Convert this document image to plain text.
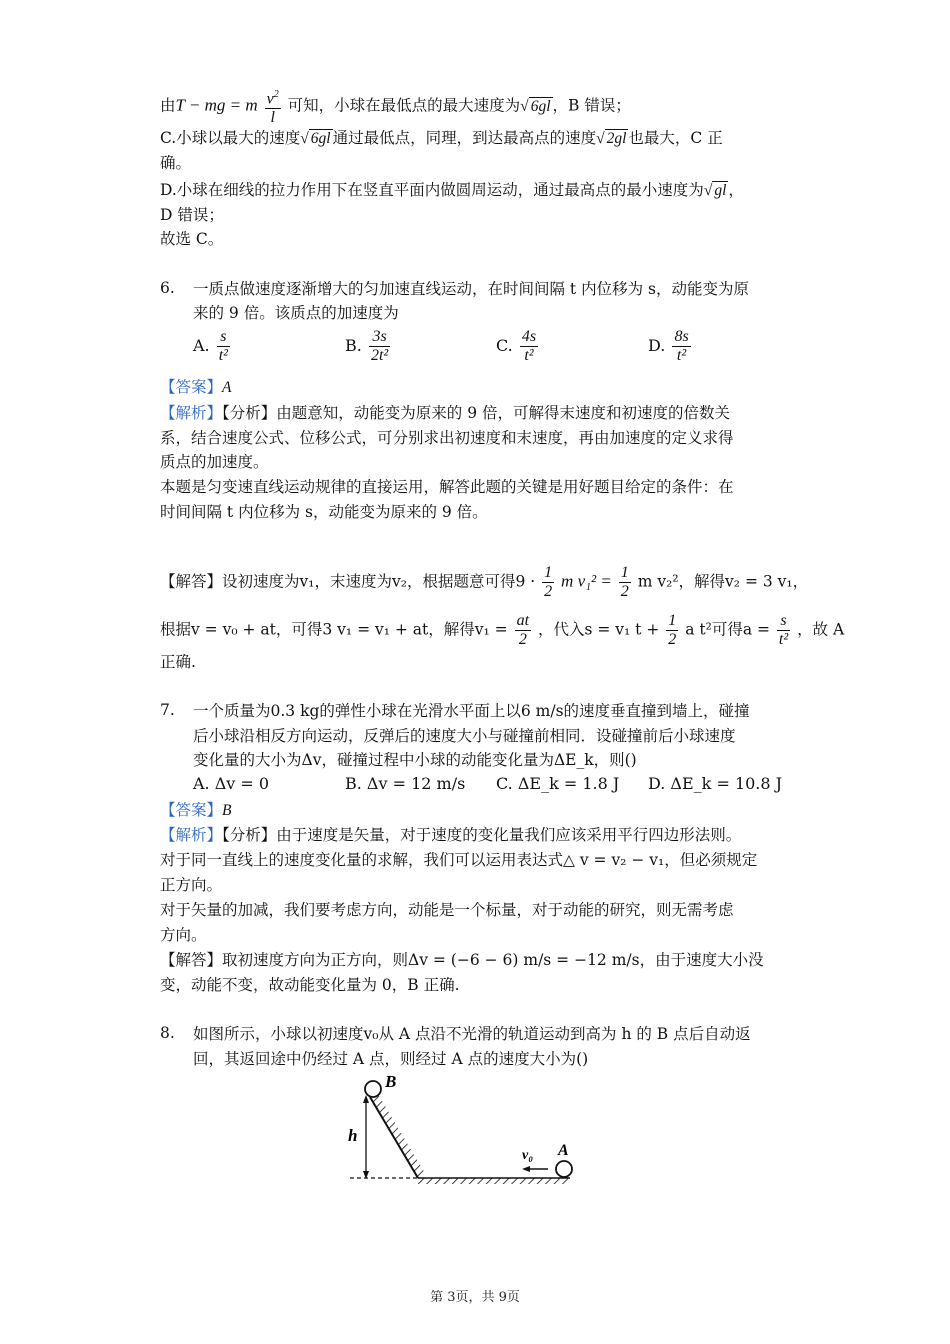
由T − mg = m $\frac{v^2}{l}$ 可知，小球在最低点的最大速度为√ 6gl ，B 错误；
C.小球以最大的速度√ 6gl 通过最低点，同理，到达最高点的速度√ 2gl 也最大，C 正
确。
D.小球在细线的拉力作用下在竖直平面内做圆周运动，通过最高点的最小速度为√ gl ，
D 错误；
故选 C。
6. 一质点做速度逐渐增大的匀加速直线运动，在时间间隔 t 内位移为 s，动能变为原
来的 9 倍。该质点的加速度为
A. $\frac{s}{\text{t²}}$	B. $\frac{3s}{\text{2t²}}$	C. $\frac{4s}{\text{t²}}$	D. $\frac{8s}{\text{t²}}$
【答案】A
【解析】【分析】由题意知，动能变为原来的 9 倍，可解得末速度和初速度的倍数关
系，结合速度公式、位移公式，可分别求出初速度和末速度，再由加速度的定义求得
质点的加速度。
本题是匀变速直线运动规律的直接运用，解答此题的关键是用好题目给定的条件：在
时间间隔 t 内位移为 s，动能变为原来的 9 倍。
【解答】设初速度为v₁，末速度为v₂，根据题意可得$9 \cdot \frac{1}{2}$ m $v_1^2 = \frac{1}{2}$ m v₂²，解得v₂ = 3 v₁，
根据v = v₀ + at，可得3 v₁ = v₁ + at，解得$v_1 = \frac{at}{2}$ ，代入s = v₁ $t + \frac{1}{2}$ a t²可得$a = \frac{s}{\text{t²}}$ ，故 A
正确.
7. 一个质量为0.3 kg的弹性小球在光滑水平面上以6 m/s的速度垂直撞到墙上，碰撞
后小球沿相反方向运动，反弹后的速度大小与碰撞前相同．设碰撞前后小球速度
变化量的大小为Δv，碰撞过程中小球的动能变化量为ΔE_k，则()
A. Δv = 0	B. Δv = 12 m/s C. ΔE_k = 1.8 J D. ΔE_k = 10.8 J
【答案】B
【解析】【分析】由于速度是矢量，对于速度的变化量我们应该采用平行四边形法则。
对于同一直线上的速度变化量的求解，我们可以运用表达式△ v = v₂ − v₁，但必须规定
正方向。
对于矢量的加减，我们要考虑方向，动能是一个标量，对于动能的研究，则无需考虑
方向。
【解答】取初速度方向为正方向，则Δv = (−6 − 6) m/s = −12 m/s，由于速度大小没
变，动能不变，故动能变化量为 0，B 正确.
8. 如图所示，小球以初速度v₀从 A 点沿不光滑的轨道运动到高为 h 的 B 点后自动返
回，其返回途中仍经过 A 点，则经过 A 点的速度大小为()
B
h
A
v₀
第 3页，共 9页
